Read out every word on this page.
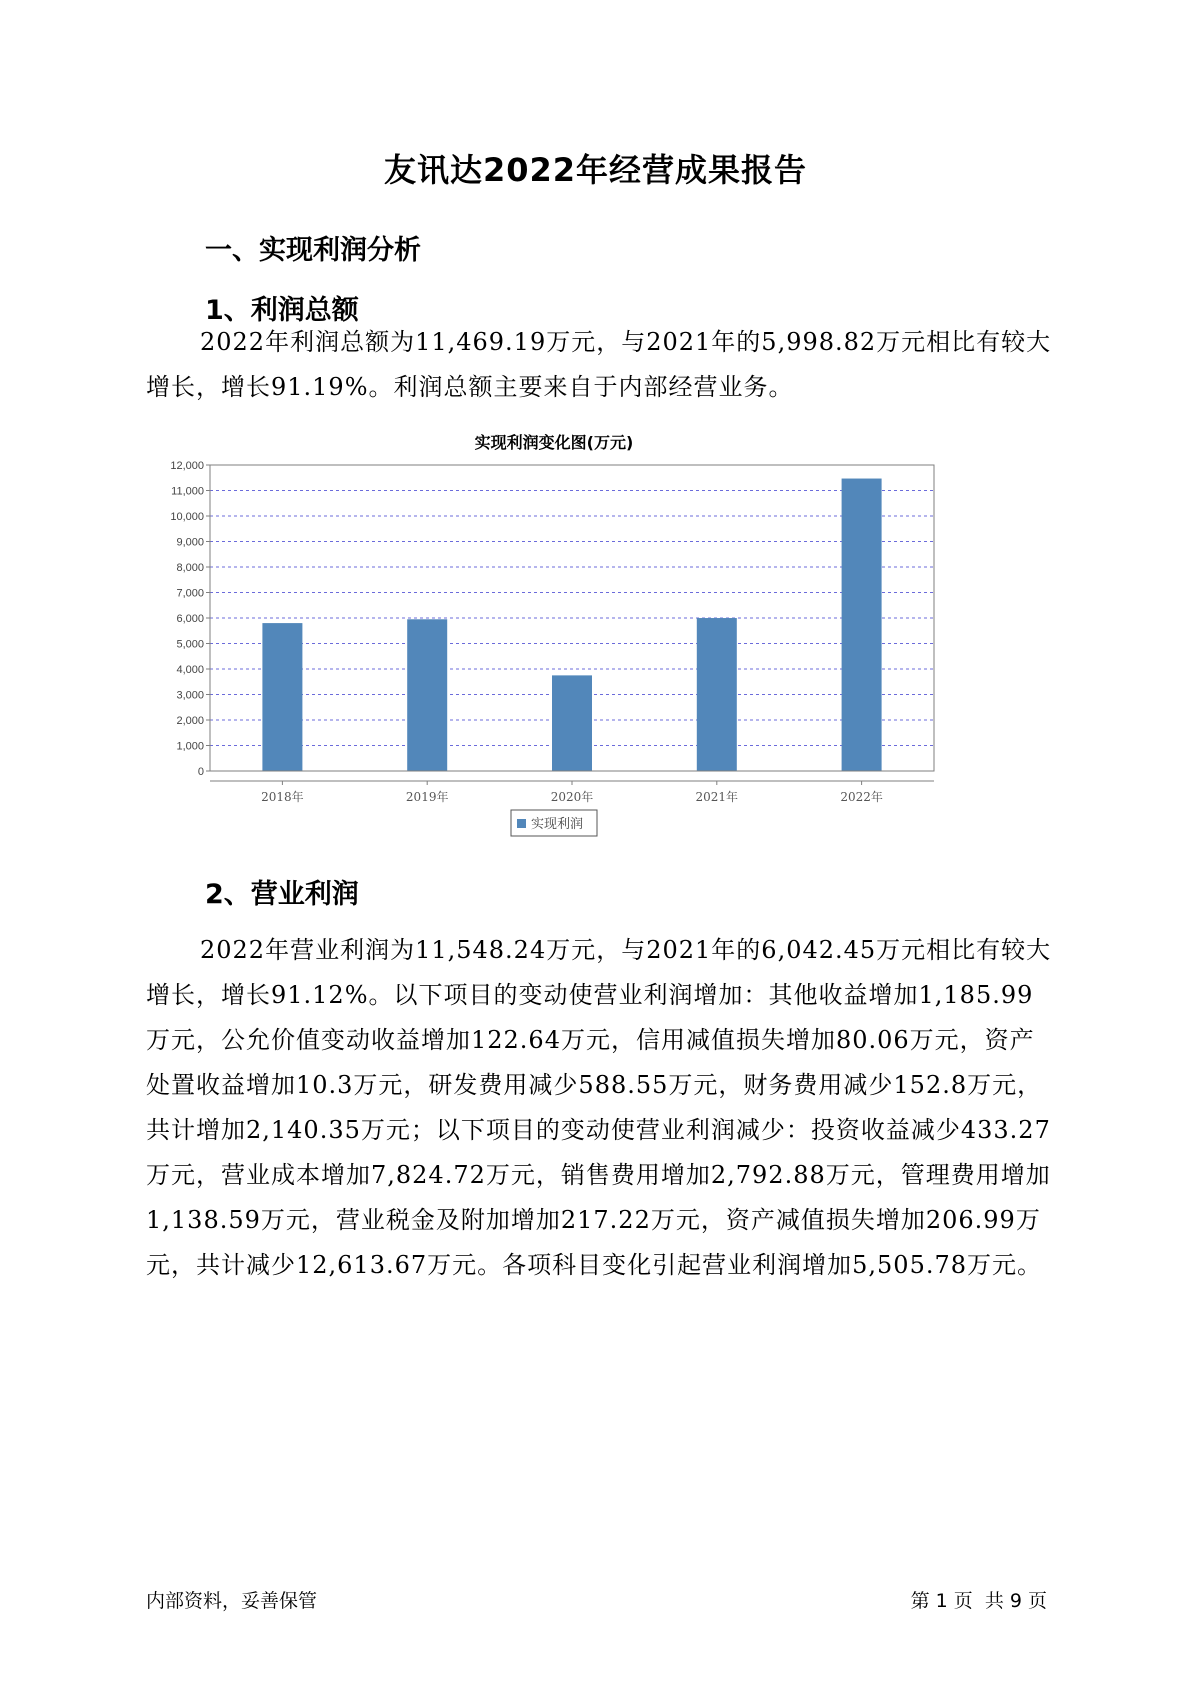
友讯达2022年经营成果报告
一、实现利润分析
1、利润总额

2022年利润总额为11,469.19万元，与2021年的5,998.82万元相比有较大增长，增长91.19%。利润总额主要来自于内部经营业务。

实现利润变化图(万元)
0
1,000
2,000
3,000
4,000
5,000
6,000
7,000
8,000
9,000
10,000
11,000
12,000
2018年	2019年	2020年	2021年	2022年
实现利润
2、营业利润

2022年营业利润为11,548.24万元，与2021年的6,042.45万元相比有较大增长，增长91.12%。以下项目的变动使营业利润增加：其他收益增加1,185.99万元，公允价值变动收益增加122.64万元，信用减值损失增加80.06万元，资产处置收益增加10.3万元，研发费用减少588.55万元，财务费用减少152.8万元，共计增加2,140.35万元；以下项目的变动使营业利润减少：投资收益减少433.27万元，营业成本增加7,824.72万元，销售费用增加2,792.88万元，管理费用增加1,138.59万元，营业税金及附加增加217.22万元，资产减值损失增加206.99万元，共计减少12,613.67万元。各项科目变化引起营业利润增加5,505.78万元。

内部资料，妥善保管	第 1 页  共 9 页
